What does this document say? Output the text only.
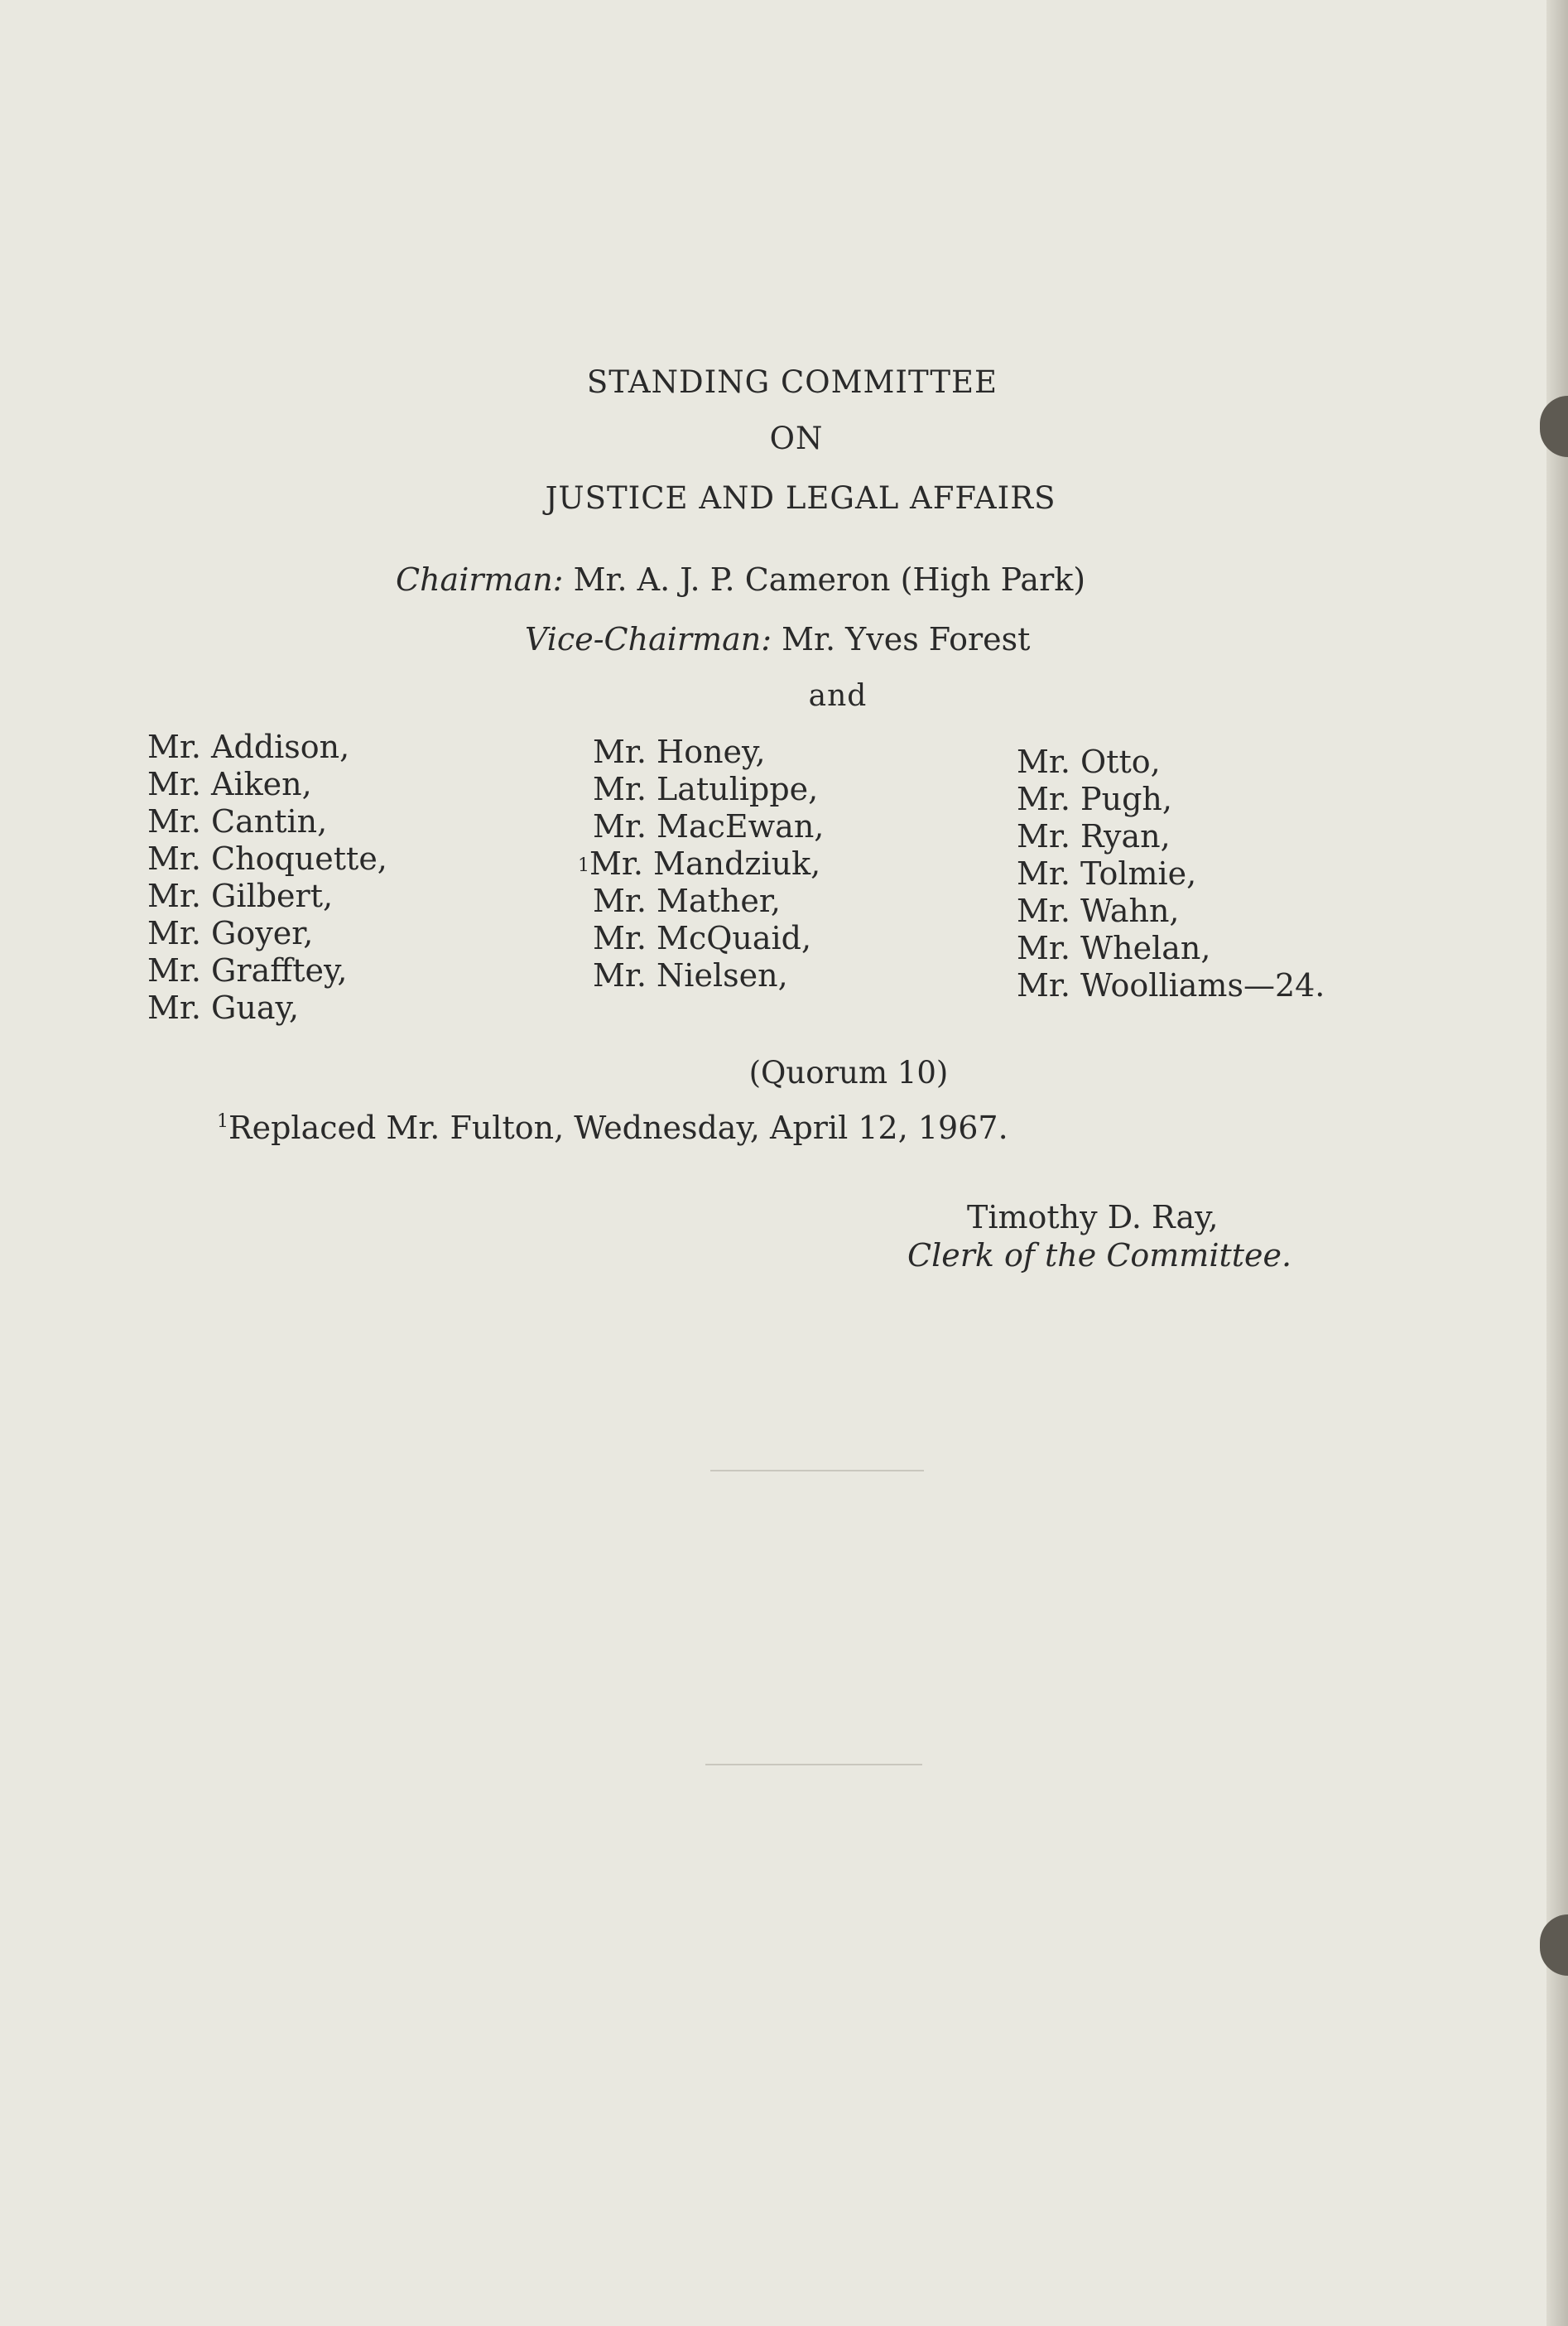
STANDING COMMITTEE
ON
JUSTICE AND LEGAL AFFAIRS
Chairman: Mr. A. J. P. Cameron (High Park)
Vice-Chairman: Mr. Yves Forest
and
Mr. Addison,
Mr. Aiken,
Mr. Cantin,
Mr. Choquette,
Mr. Gilbert,
Mr. Goyer,
Mr. Grafftey,
Mr. Guay,
Mr. Honey,
Mr. Latulippe,
Mr. MacEwan,
$^1$Mr. Mandziuk,
Mr. Mather,
Mr. McQuaid,
Mr. Nielsen,
Mr. Otto,
Mr. Pugh,
Mr. Ryan,
Mr. Tolmie,
Mr. Wahn,
Mr. Whelan,
Mr. Woolliams—24.
(Quorum 10)
$^1$Replaced Mr. Fulton, Wednesday, April 12, 1967.
Timothy D. Ray,
Clerk of the Committee.
